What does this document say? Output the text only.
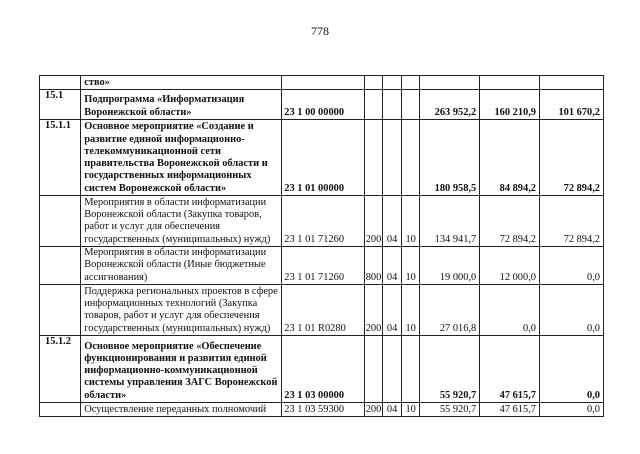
778
	ство»							
15.1	Подпрограмма «Информатизация Воронежской области»	23 1 00 00000				263 952,2	160 210,9	101 670,2
15.1.1	Основное мероприятие «Создание и развитие единой информационно-телекоммуникационной сети правительства Воронежской области и государственных информационных систем Воронежской области»	23 1 01 00000				180 958,5	84 894,2	72 894,2
	Мероприятия в области информатизации Воронежской области (Закупка товаров, работ и услуг для обеспечения государственных (муниципальных) нужд)	23 1 01 71260	200	04	10	134 941,7	72 894,2	72 894,2
	Мероприятия в области информатизации Воронежской области (Иные бюджетные ассигнования)	23 1 01 71260	800	04	10	19 000,0	12 000,0	0,0
	Поддержка региональных проектов в сфере информационных технологий (Закупка товаров, работ и услуг для обеспечения государственных (муниципальных) нужд)	23 1 01 R0280	200	04	10	27 016,8	0,0	0,0
15.1.2	Основное мероприятие «Обеспечение функционирования и развития единой информационно-коммуникационной системы управления ЗАГС Воронежской области»	23 1 03 00000				55 920,7	47 615,7	0,0
	Осуществление переданных полномочий	23 1 03 59300	200	04	10	55 920,7	47 615,7	0,0
